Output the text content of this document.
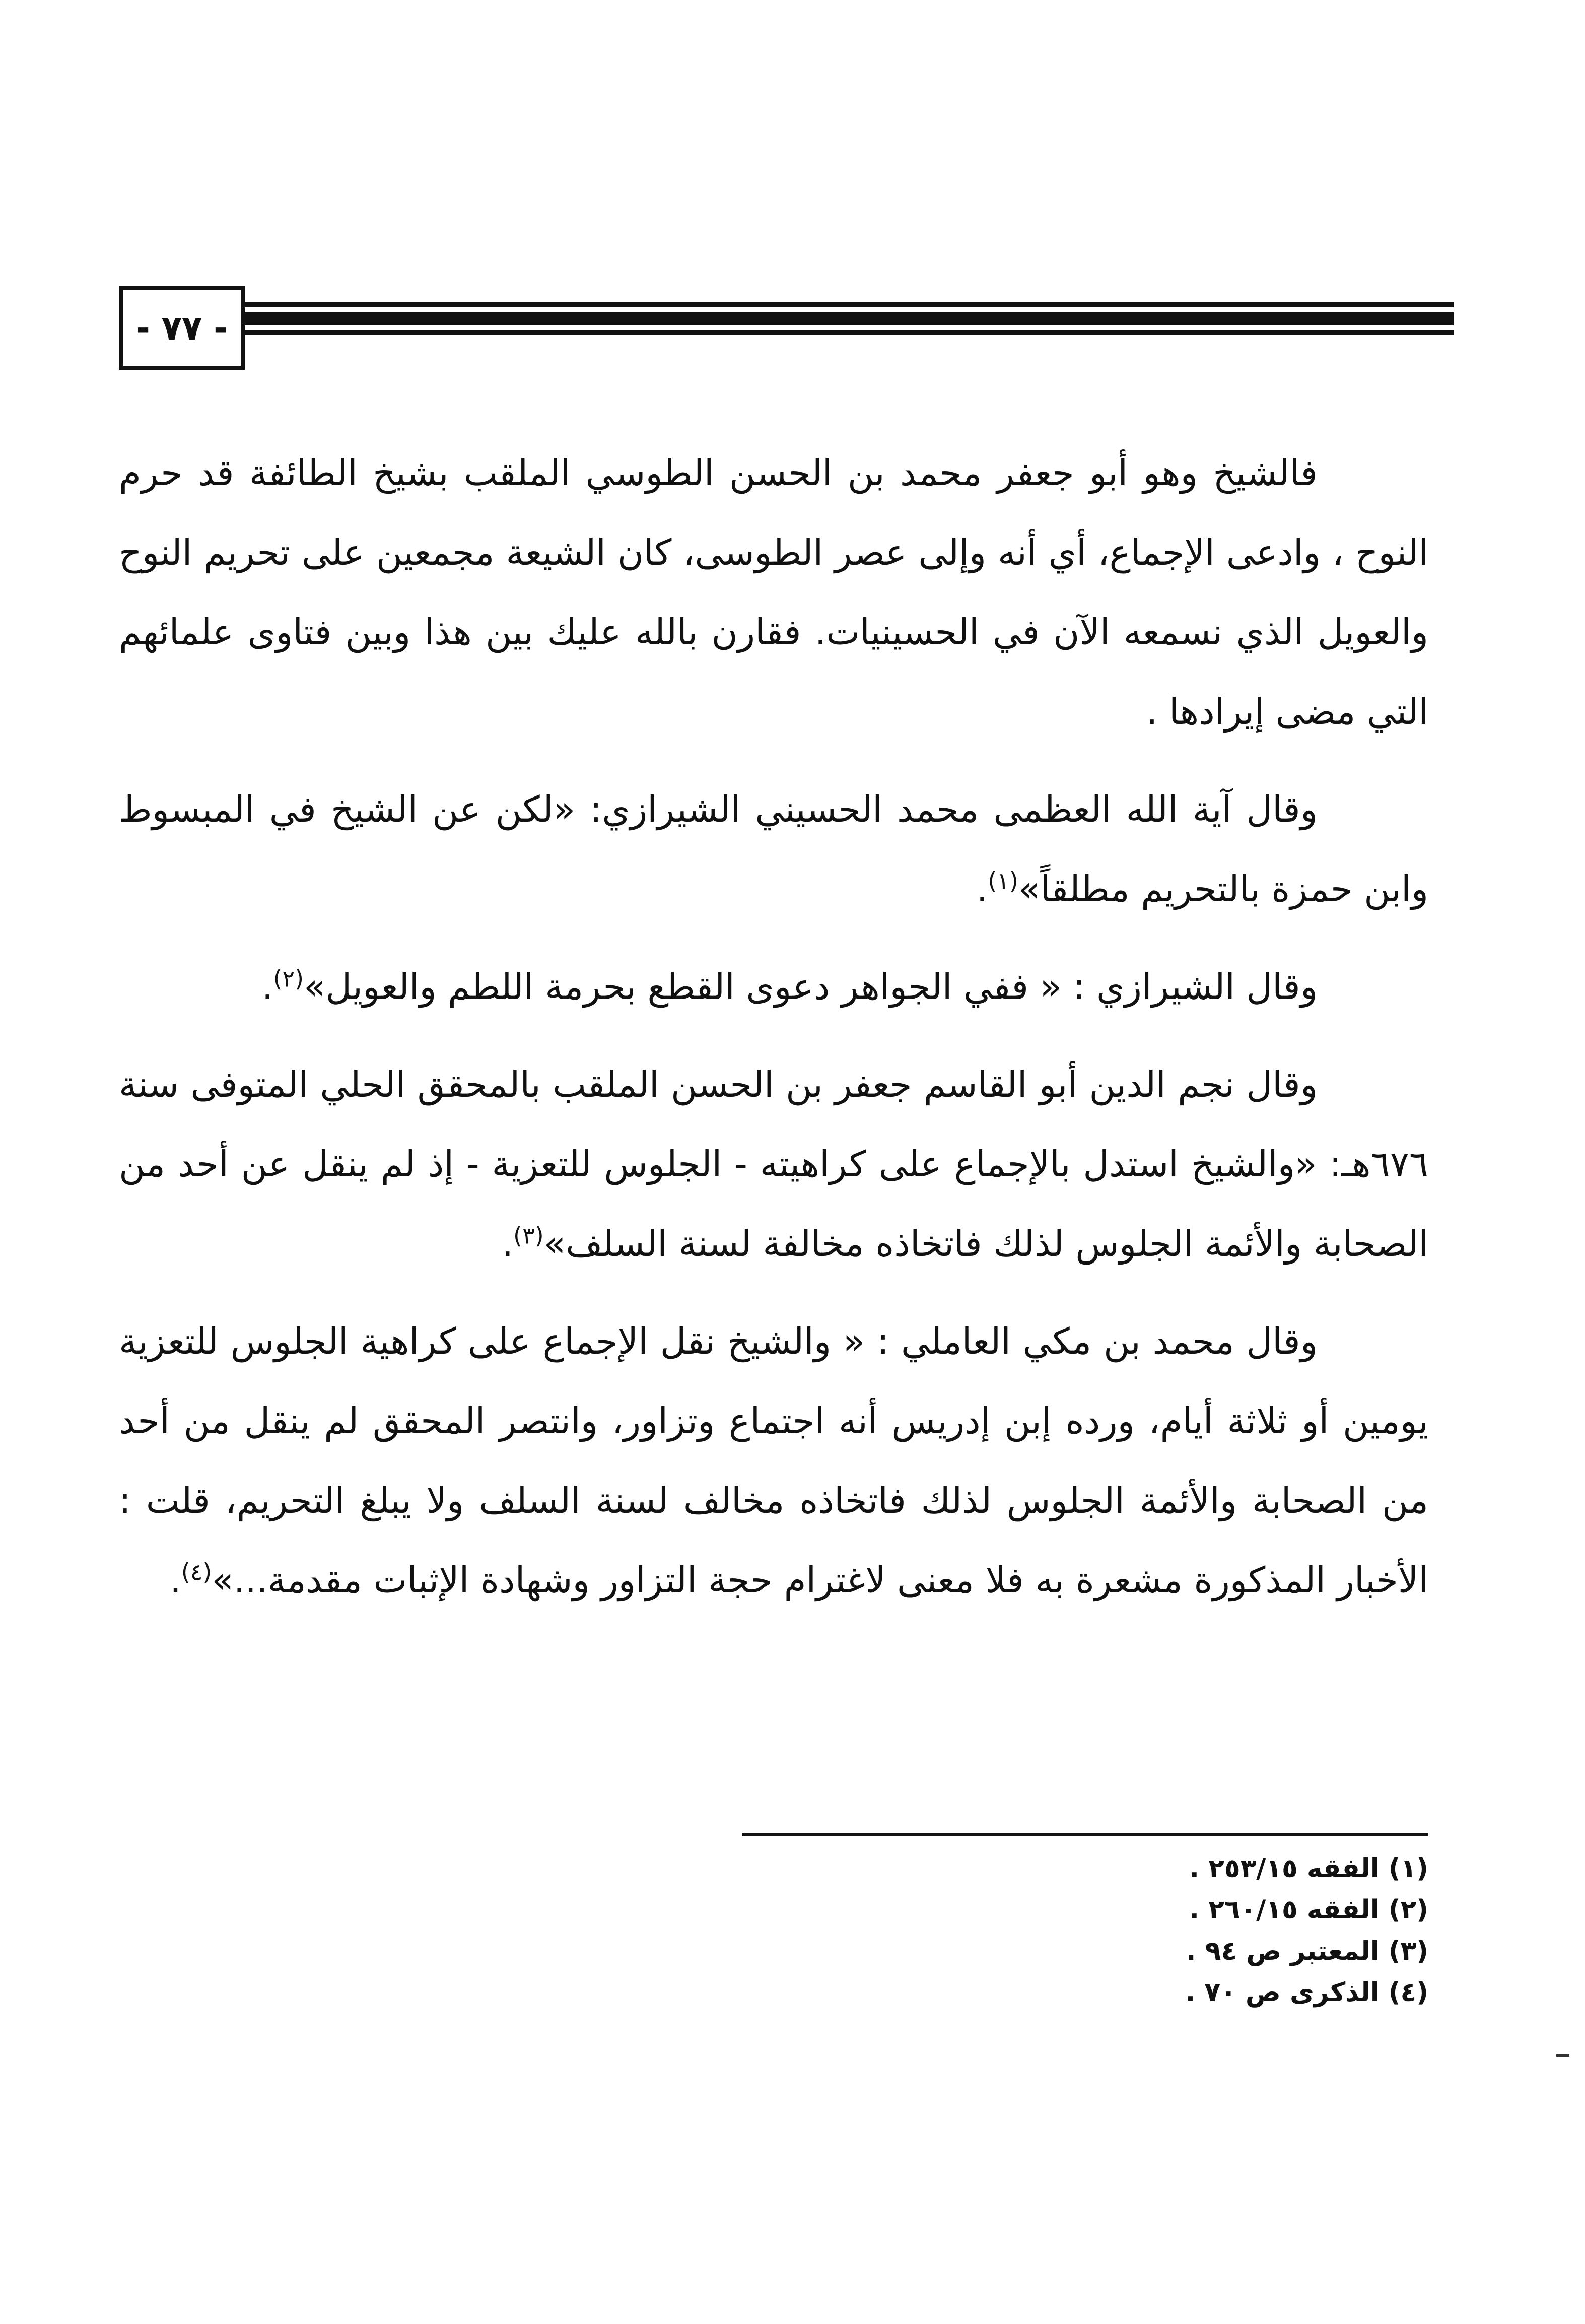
- ٧٧ -

فالشيخ وهو أبو جعفر محمد بن الحسن الطوسي الملقب بشيخ الطائفة قد حرم النوح ، وادعى الإجماع، أي أنه وإلى عصر الطوسى، كان الشيعة مجمعين على تحريم النوح والعويل الذي نسمعه الآن في الحسينيات. فقارن بالله عليك بين هذا وبين فتاوى علمائهم التي مضى إيرادها .

وقال آية الله العظمى محمد الحسيني الشيرازي: «لكن عن الشيخ في المبسوط وابن حمزة بالتحريم مطلقاً»$^{(١)}$.

وقال الشيرازي : « ففي الجواهر دعوى القطع بحرمة اللطم والعويل»$^{(٢)}$.

وقال نجم الدين أبو القاسم جعفر بن الحسن الملقب بالمحقق الحلي المتوفى سنة ٦٧٦هـ: «والشيخ استدل بالإجماع على كراهيته - الجلوس للتعزية - إذ لم ينقل عن أحد من الصحابة والأئمة الجلوس لذلك فاتخاذه مخالفة لسنة السلف»$^{(٣)}$.

وقال محمد بن مكي العاملي : « والشيخ نقل الإجماع على كراهية الجلوس للتعزية يومين أو ثلاثة أيام، ورده إبن إدريس أنه اجتماع وتزاور، وانتصر المحقق لم ينقل من أحد من الصحابة والأئمة الجلوس لذلك فاتخاذه مخالف لسنة السلف ولا يبلغ التحريم، قلت : الأخبار المذكورة مشعرة به فلا معنى لاغترام حجة التزاور وشهادة الإثبات مقدمة...»$^{(٤)}$.

(١) الفقه ٢٥٣/١٥ .

(٢) الفقه ٢٦٠/١٥ .

(٣) المعتبر ص ٩٤ .

(٤) الذكرى ص ٧٠ .
